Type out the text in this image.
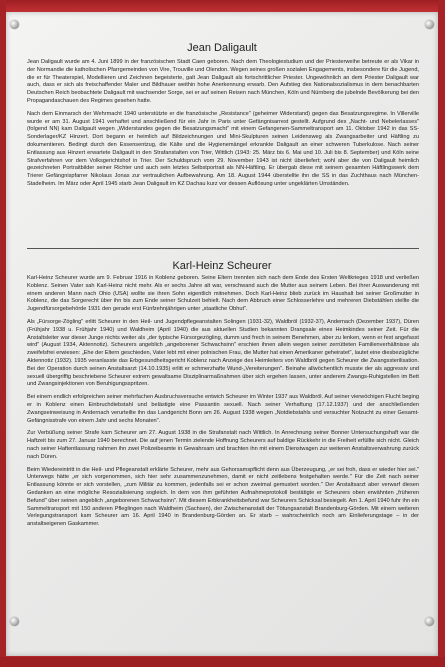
Jean Daligault

Jean Daligault wurde am 4. Juni 1899 in der französischen Stadt Caen geboren. Nach dem Theologiestudium und der Priesterweihe betreute er als Vikar in der Normandie die katholischen Pfarrgemeinden von Vire, Trouville und Olendon. Wegen seines großen sozialen Engagements, insbesondere für die Jugend, die er für Theaterspiel, Modellieren und Zeichnen begeisterte, galt Jean Daligault als fortschrittlicher Priester. Ungewöhnlich an dem Priester Daligault war auch, dass er sich als freischaffender Maler und Bildhauer weithin hohe Anerkennung erwarb. Den Aufstieg des Nationalsozialismus in dem benachbarten Deutschen Reich beobachtete Daligault mit wachsender Sorge, sei er auf seinen Reisen nach München, Köln und Nürnberg die jubelnde Bevölkerung bei den Propagandaschauen des Regimes gesehen hatte.

Nach dem Einmarsch der Wehrmacht 1940 unterstützte er die französische „Resistance" (geheimer Widerstand) gegen das Besatzungsregime. In Villerville wurde er am 31. August 1941 verhaftet und anschließend für ein Jahr in Paris unter Gefängnisarrest gestellt. Aufgrund des „Nacht- und Nebelerlasses" (folgend NN) kam Daligault wegen „Widerstandes gegen die Besatzungsmacht" mit einem Gefangenen-Sammeltransport am 11. Oktober 1942 in das SS-Sonderlager/KZ Hinzert. Dort begann er heimlich auf Bildzeichnungen und Mini-Skulpturen seinen Leidensweg als Zwangsarbeiter und Häftling zu dokumentieren. Bedingt durch den Essensentzug, die Kälte und die Hygienemängel erkrankte Daligault an einer schweren Tuberkulose. Nach seiner Entlassung aus Hinzert erwartete Daligault in den Strafanstalten von Trier, Wittlich (1943: 25. März bis 6. Mai und 10. Juli bis 8. September) und Köln seine Strafverfahren vor dem Volksgerichtshof in Trier. Der Schuldspruch vom 29. November 1943 ist nicht überliefert; wohl aber die von Daligault heimlich gezeichneten Portraitbilder seiner Richter und auch sein letztes Selbstportrait als NN-Häftling. Er übergab diese mit seinem gesamten Häftlingswerk dem Trierer Gefängnispfarrer Nikolaus Jonas zur vertraulichen Aufbewahrung. Am 18. August 1944 überstellte ihn die SS in das Zuchthaus nach München-Stadelheim. Im März oder April 1945 starb Jean Daligault im KZ Dachau kurz vor dessen Auflösung unter ungeklärten Umständen.

Karl-Heinz Scheurer

Karl-Heinz Scheurer wurde am 9. Februar 1916 in Koblenz geboren. Seine Eltern trennten sich nach dem Ende des Ersten Weltkrieges 1918 und verließen Koblenz. Seinen Vater sah Karl-Heinz nicht mehr. Als er sechs Jahre alt war, verschwand auch die Mutter aus seinem Leben. Bei ihrer Auswanderung mit einem anderen Mann nach Ohio (USA) wollte sie ihren Sohn eigentlich mitnehmen. Doch Karl-Heinz blieb zurück im Haushalt bei seiner Großmutter in Koblenz, die das Sorgerecht über ihn bis zum Ende seiner Schulzeit behielt. Nach dem Abbruch einer Schlosserlehre und mehreren Diebstählen stellte die Jugendfürsorgebehörde 1931 den gerade erst Fünfzehnjährigen unter „staatliche Obhut".

Als „Fürsorge-Zögling" erlitt Scheurer in den Heil- und Jugendpflegeanstalten Solingen (1931-32), Waldbröl (1932-37), Andernach (Dezember 1937), Düren (Frühjahr 1938 u. Frühjahr 1940) und Waldheim (April 1940) die aus aktuellen Studien bekannten Drangsale eines Heimkindes seiner Zeit. Für die Anstaltsleiter war dieser Junge nichts weiter als „der typische Fürsorgezögling, dumm und frech in seinem Benehmen, aber zu lenken, wenn er fest angefasst wird" (August 1934, Aktennotiz). Scheurers angeblich „angeborener Schwachsinn" erschien ihnen allein wegen seiner zerrütteten Familienverhältnisse als zweifelsfrei erwiesen: „Ehe der Eltern geschieden, Vater lebt mit einer polnischen Frau, die Mutter hat einen Amerikaner geheiratet", lautet eine diesbezügliche Aktennotiz (1932). 1935 veranlasste das Erbgesundheitsgericht Koblenz nach Anzeige des Heimleiters von Waldbröl gegen Scheurer die Zwangssterilisation. Bei der Operation durch seinen Anstaltsarzt (14.10.1935) erlitt er schmerzhafte Wund-„Vereiterungen". Beinahe allwöchentlich musste der als aggressiv und sexuell übergriffig beschriebene Scheurer extrem gewaltsame Disziplinarmaßnahmen über sich ergehen lassen, unter anderem Zwangs-Ruhigstellen im Bett und Zwangsinjektionen von Beruhigungsspritzen.

Bei einem endlich erfolgreichen seiner mehrfachen Ausbruchsversuche entwich Scheurer im Winter 1937 aus Waldbröl. Auf seiner vierwöchigen Flucht beging er in Koblenz einen Einbruchdiebstahl und belästigte eine Passantin sexuell. Nach seiner Verhaftung (17.12.1937) und der anschließenden Zwangseinweisung in Andernach verurteilte ihn das Landgericht Bonn am 26. August 1938 wegen „Notdiebstahls und versuchter Notzucht zu einer Gesamt-Gefängnisstrafe von einem Jahr und sechs Monaten".

Zur Verbüßung seiner Strafe kam Scheurer am 27. August 1938 in die Strafanstalt nach Wittlich. In Anrechnung seiner Bonner Untersuchungshaft war die Haftzeit bis zum 27. Januar 1940 berechnet. Die auf jenen Termin zielende Hoffnung Scheurers auf baldige Rückkehr in die Freiheit erfüllte sich nicht. Gleich nach seiner Haftentlassung nahmen ihn zwei Polizeibeamte in Gewahrsam und brachten ihn mit einem Dienstwagen zur weiteren Anstaltsverwahrung zurück nach Düren.

Beim Wiedereintritt in die Heil- und Pflegeanstalt erklärte Scheurer, mehr aus Gehorsamspflicht denn aus Überzeugung, „er sei froh, dass er wieder hier sei." Unterwegs hätte „er sich vorgenommen, sich hier sehr zusammenzunehmen, damit er nicht zeitlebens festgehalten werde." Für die Zeit nach seiner Entlassung könnte er sich vorstellen, „zum Militär zu kommen, jedenfalls sei er schon zweimal gemustert worden." Der Anstaltsarzt aber verwarf diesen Gedanken an eine mögliche Resozialisierung sogleich. In dem von ihm geführten Aufnahmeprotokoll bestätigte er Scheurers oben erwähnten „früheren Befund" über seinen angeblich „angeborenen Schwachsinn". Mit diesem Erbkrankheitsbefund war Scheurers Schicksal besiegelt. Am 1. April 1940 fuhr ihn ein Sammeltransport mit 150 anderen Pfleglingen nach Waldheim (Sachsen), der Zwischenanstalt der Tötungsanstalt Brandenburg-Görden. Mit einem weiteren Verlegungstransport kam Scheurer am 16. April 1940 in Brandenburg-Görden an. Er starb – wahrscheinlich noch am Einlieferungstage – in der anstaltseigenen Gaskammer.
